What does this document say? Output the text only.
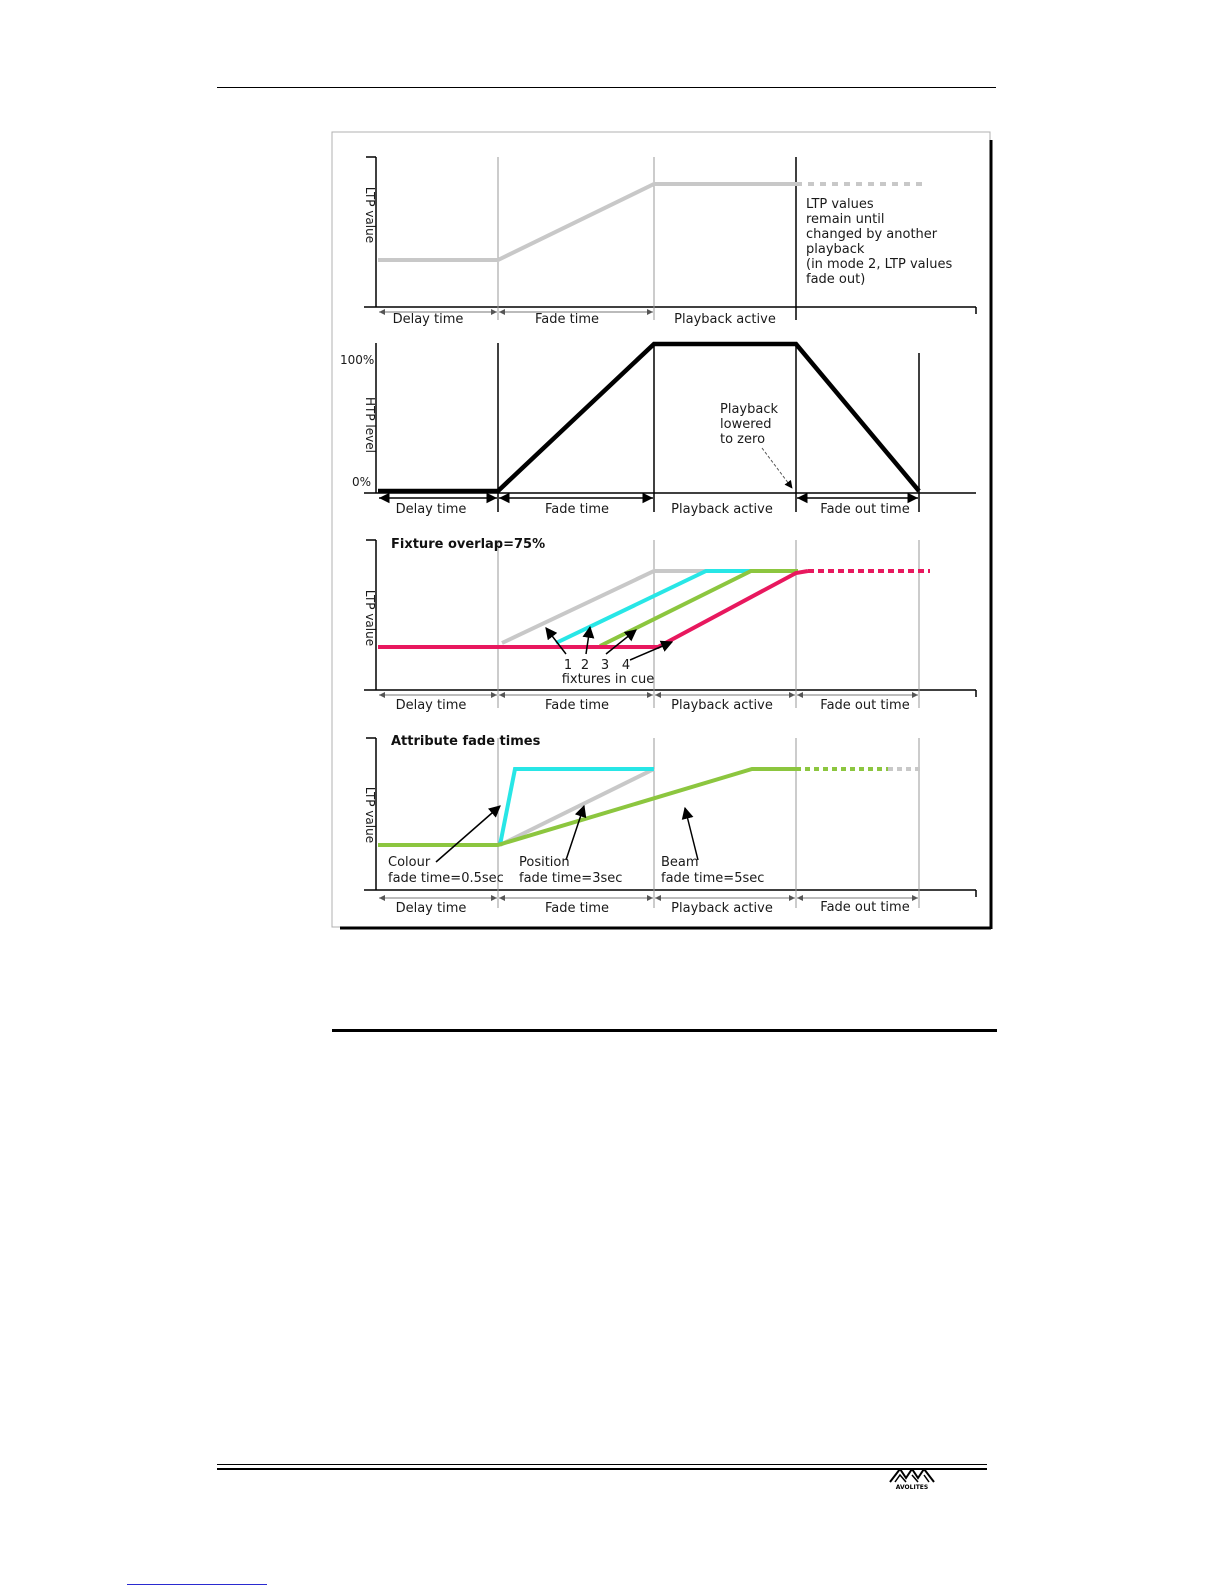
AVOLITES
LTP value	LTP values
remain until
changed by another
playback
(in mode 2, LTP values
fade out)
Delay time	Fade time	Playback active
100%
0%
HTP level	Playback
lowered
to zero
Delay time	Fade time	Playback active	Fade out time
Fixture overlap=75%
LTP value
1 2 3 4
fixtures in cue
Delay time	Fade time	Playback active	Fade out time
Attribute fade times
LTP value
Colour
fade time=0.5sec
Position
fade time=3sec
Beam
fade time=5sec
Delay time	Fade time	Playback active	Fade out time
